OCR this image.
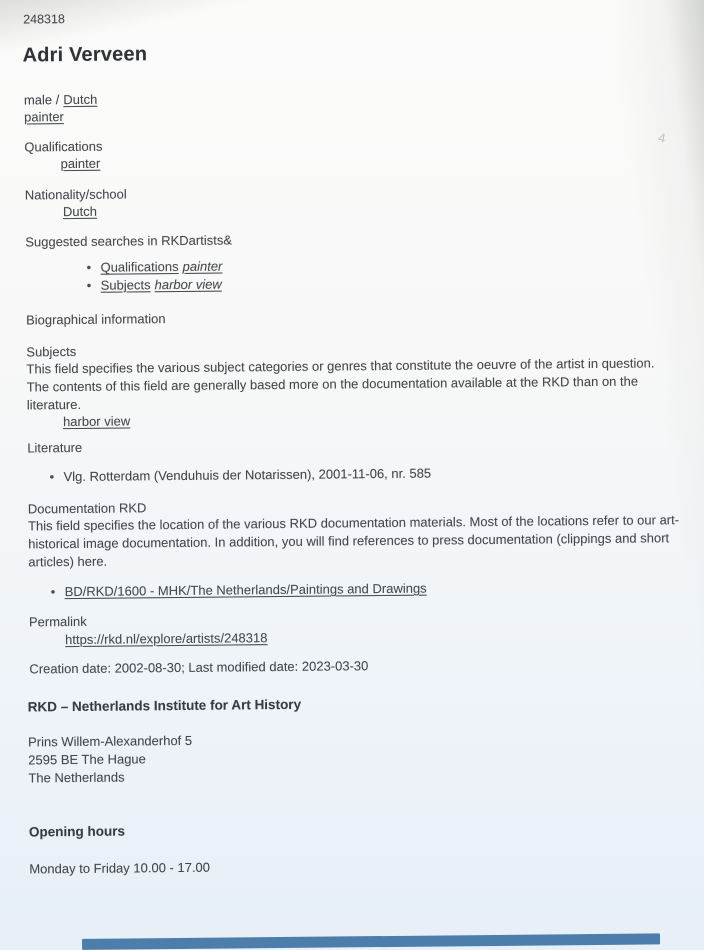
248318
Adri Verveen
male / Dutch
painter
Qualifications
painter
Nationality/school
Dutch
Suggested searches in RKDartists&
• Qualifications painter
• Subjects harbor view
Biographical information
Subjects
This field specifies the various subject categories or genres that constitute the oeuvre of the artist in question. The contents of this field are generally based more on the documentation available at the RKD than on the literature.
harbor view
Literature
• Vlg. Rotterdam (Venduhuis der Notarissen), 2001-11-06, nr. 585
Documentation RKD
This field specifies the location of the various RKD documentation materials. Most of the locations refer to our art-historical image documentation. In addition, you will find references to press documentation (clippings and short articles) here.
• BD/RKD/1600 - MHK/The Netherlands/Paintings and Drawings
Permalink
https://rkd.nl/explore/artists/248318
Creation date: 2002-08-30; Last modified date: 2023-03-30
RKD – Netherlands Institute for Art History
Prins Willem-Alexanderhof 5
2595 BE The Hague
The Netherlands
Opening hours
Monday to Friday 10.00 - 17.00
4
